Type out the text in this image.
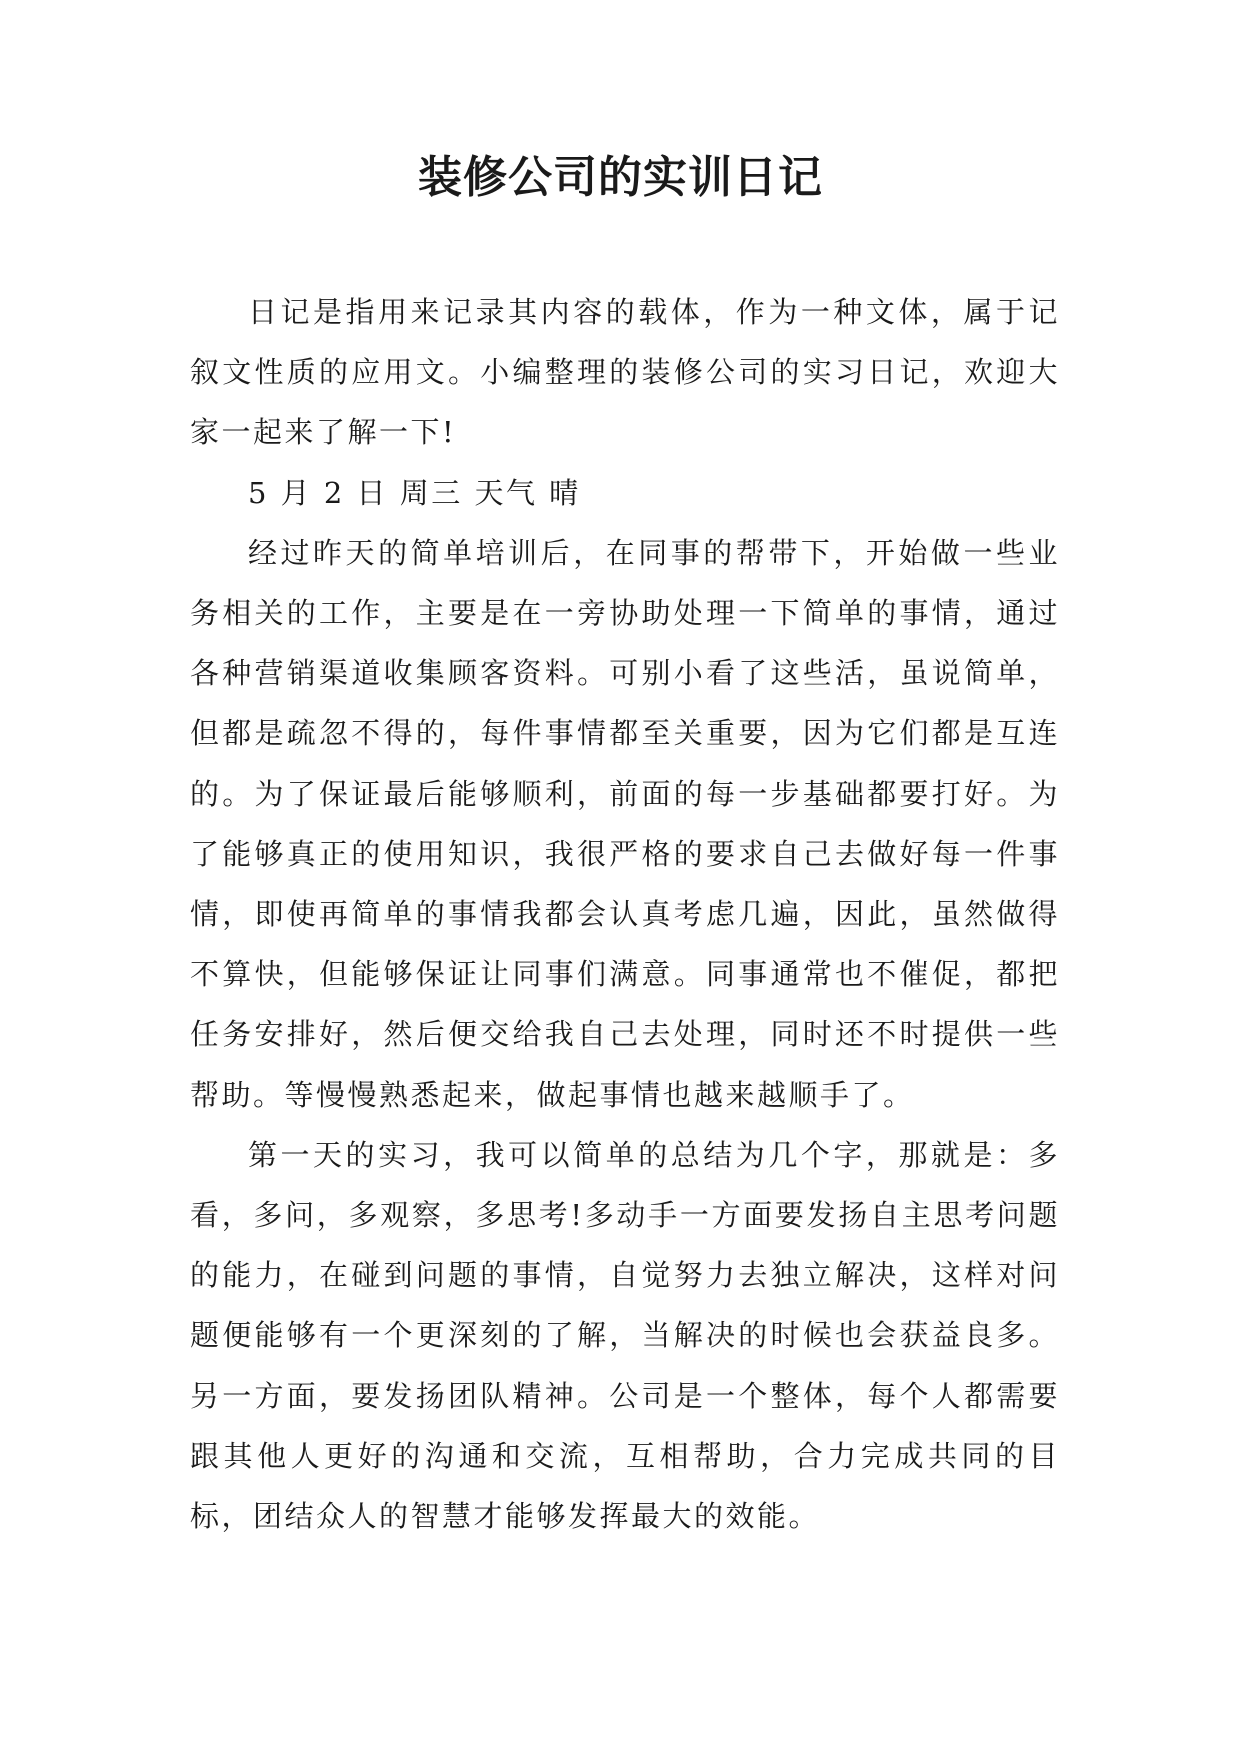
装修公司的实训日记

日记是指用来记录其内容的载体，作为一种文体，属于记叙文性质的应用文。小编整理的装修公司的实习日记，欢迎大家一起来了解一下!

5 月 2 日 周三 天气 晴

经过昨天的简单培训后，在同事的帮带下，开始做一些业务相关的工作，主要是在一旁协助处理一下简单的事情，通过各种营销渠道收集顾客资料。可别小看了这些活，虽说简单，但都是疏忽不得的，每件事情都至关重要，因为它们都是互连的。为了保证最后能够顺利，前面的每一步基础都要打好。为了能够真正的使用知识，我很严格的要求自己去做好每一件事情，即使再简单的事情我都会认真考虑几遍，因此，虽然做得不算快，但能够保证让同事们满意。同事通常也不催促，都把任务安排好，然后便交给我自己去处理，同时还不时提供一些帮助。等慢慢熟悉起来，做起事情也越来越顺手了。

第一天的实习，我可以简单的总结为几个字，那就是：多看，多问，多观察，多思考!多动手一方面要发扬自主思考问题的能力，在碰到问题的事情，自觉努力去独立解决，这样对问题便能够有一个更深刻的了解，当解决的时候也会获益良多。 另一方面，要发扬团队精神。公司是一个整体，每个人都需要跟其他人更好的沟通和交流，互相帮助，合力完成共同的目标，团结众人的智慧才能够发挥最大的效能。
